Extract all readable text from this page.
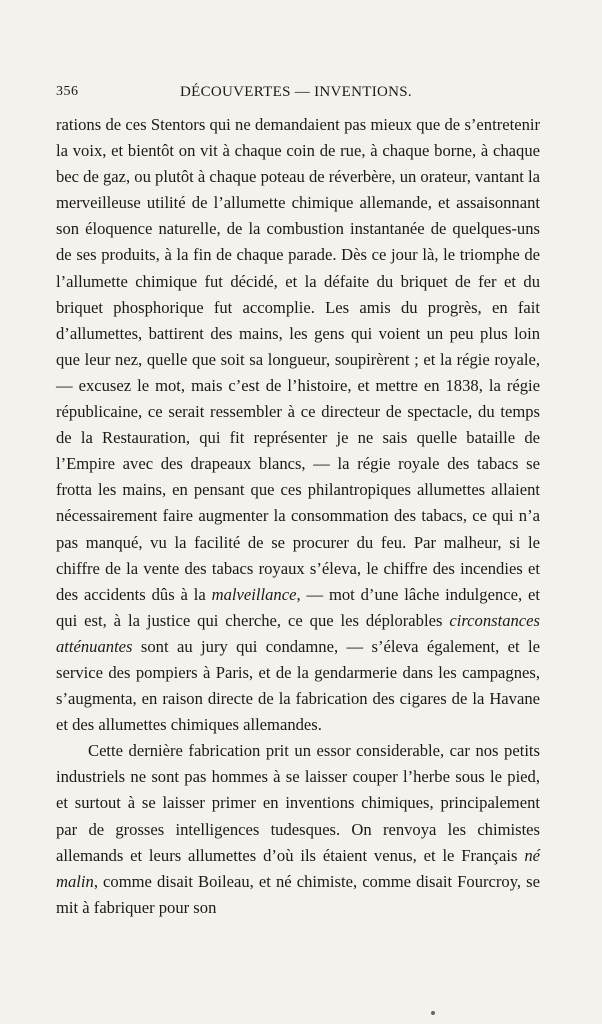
356	DÉCOUVERTES — INVENTIONS.

rations de ces Stentors qui ne demandaient pas mieux que de s’entretenir la voix, et bientôt on vit à chaque coin de rue, à chaque borne, à chaque bec de gaz, ou plutôt à chaque poteau de réverbère, un orateur, vantant la merveilleuse utilité de l’allumette chimique allemande, et assaisonnant son éloquence naturelle, de la combustion instantanée de quelques-uns de ses produits, à la fin de chaque parade. Dès ce jour là, le triomphe de l’allumette chimique fut décidé, et la défaite du briquet de fer et du briquet phosphorique fut accomplie. Les amis du progrès, en fait d’allumettes, battirent des mains, les gens qui voient un peu plus loin que leur nez, quelle que soit sa longueur, soupirèrent ; et la régie royale, — excusez le mot, mais c’est de l’histoire, et mettre en 1838, la régie républicaine, ce serait ressembler à ce directeur de spectacle, du temps de la Restauration, qui fit représenter je ne sais quelle bataille de l’Empire avec des drapeaux blancs, — la régie royale des tabacs se frotta les mains, en pensant que ces philantropiques allumettes allaient nécessairement faire augmenter la consommation des tabacs, ce qui n’a pas manqué, vu la facilité de se procurer du feu. Par malheur, si le chiffre de la vente des tabacs royaux s’éleva, le chiffre des incendies et des accidents dûs à la malveillance, — mot d’une lâche indulgence, et qui est, à la justice qui cherche, ce que les déplorables circonstances atténuantes sont au jury qui condamne, — s’éleva également, et le service des pompiers à Paris, et de la gendarmerie dans les campagnes, s’augmenta, en raison directe de la fabrication des cigares de la Havane et des allumettes chimiques allemandes.

Cette dernière fabrication prit un essor considerable, car nos petits industriels ne sont pas hommes à se laisser couper l’herbe sous le pied, et surtout à se laisser primer en inventions chimiques, principalement par de grosses intelligences tudesques. On renvoya les chimistes allemands et leurs allumettes d’où ils étaient venus, et le Français né malin, comme disait Boileau, et né chimiste, comme disait Fourcroy, se mit à fabriquer pour son
